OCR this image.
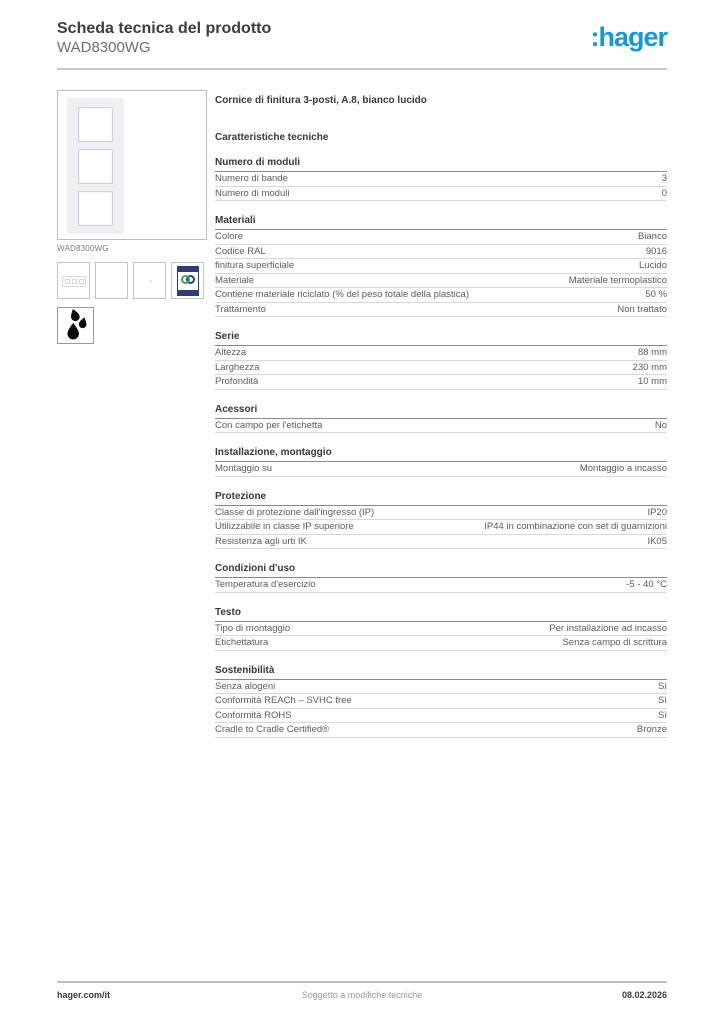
Scheda tecnica del prodotto
WAD8300WG	:hager
WAD8300WG

Cornice di finitura 3-posti, A.8, bianco lucido

Caratteristiche tecniche
Numero di moduli
Numero di bande	3
Numero di moduli	0
Materiali
Colore	Bianco
Codice RAL	9016
finitura superficiale	Lucido
Materiale	Materiale termoplastico
Contiene materiale riciclato (% del peso totale della plastica)	50 %
Trattamento	Non trattato
Serie
Altezza	88 mm
Larghezza	230 mm
Profondità	10 mm
Acessori
Con campo per l'etichetta	No
Installazione, montaggio
Montaggio su	Montaggio a incasso
Protezione
Classe di protezione dall'ingresso (IP)	IP20
Utilizzabile in classe IP superiore	IP44 in combinazione con set di guarnizioni
Resistenza agli urti IK	IK05
Condizioni d'uso
Temperatura d'esercizio	-5 - 40 °C
Testo
Tipo di montaggio	Per installazione ad incasso
Etichettatura	Senza campo di scrittura
Sostenibilità
Senza alogeni	Sì
Conformità REACh – SVHC free	Sì
Conformità ROHS	Sì
Cradle to Cradle Certified®	Bronze
hager.com/it	Soggetto a modifiche tecniche	08.02.2026
